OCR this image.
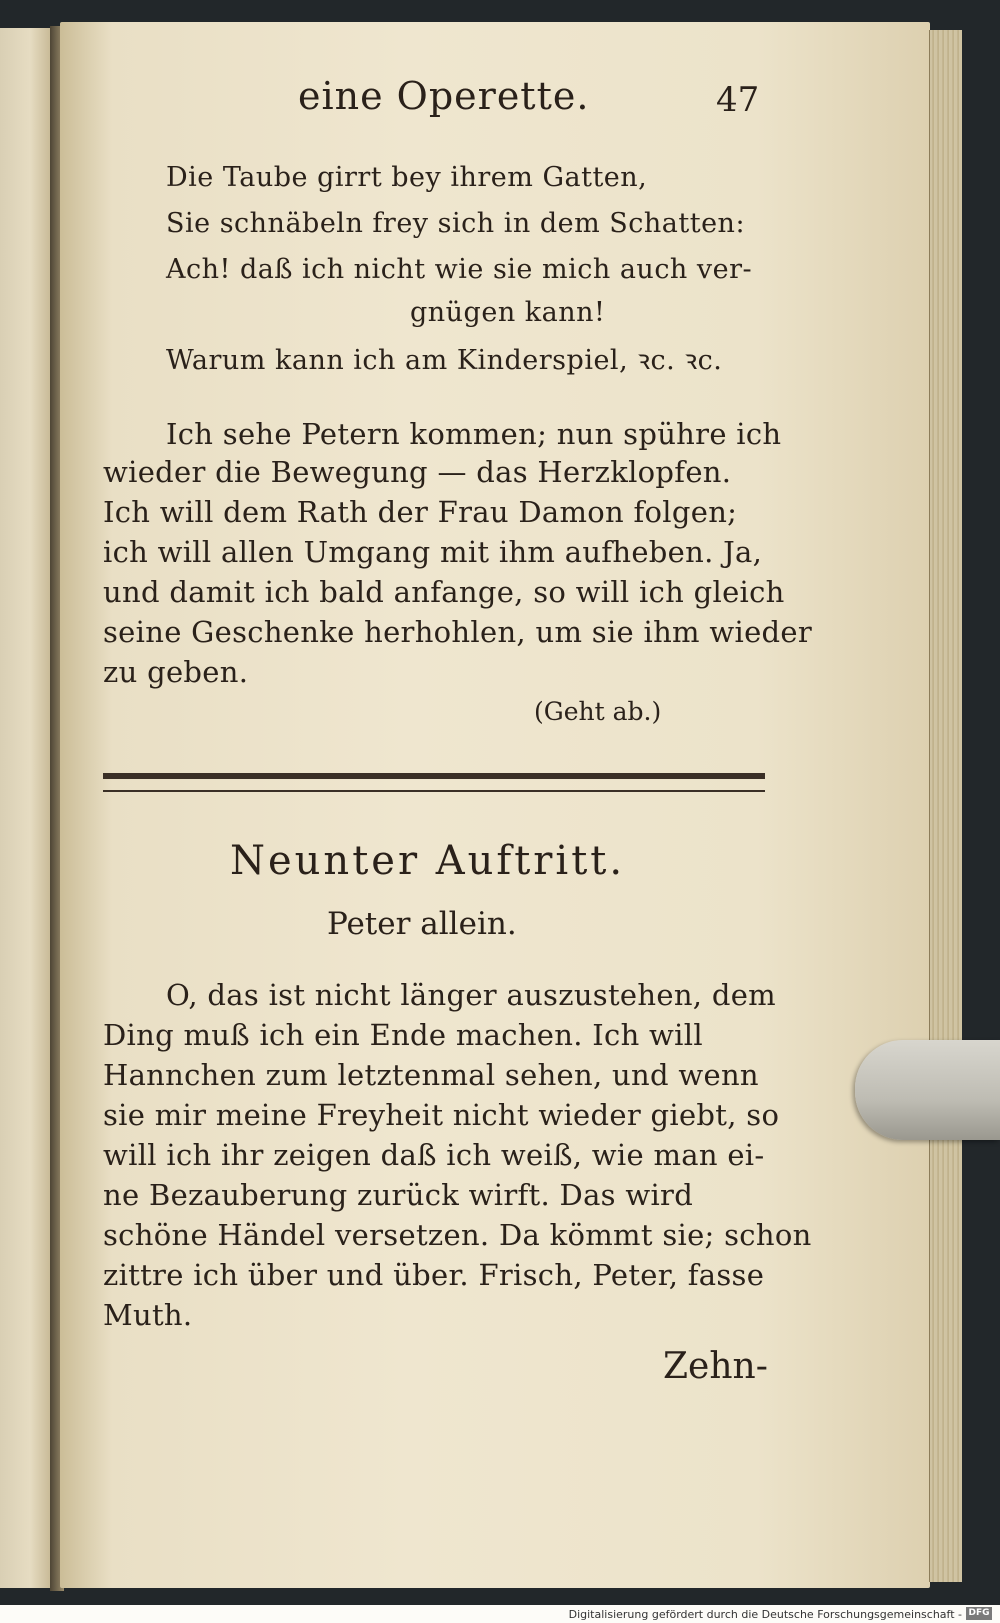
eine Operette.	47
Die Taube girrt bey ihrem Gatten,
Sie schnäbeln frey sich in dem Schatten:
Ach! daß ich nicht wie sie mich auch ver-
gnügen kann!
Warum kann ich am Kinderspiel, ꝛc. ꝛc.
Ich sehe Petern kommen; nun spühre ich
wieder die Bewegung — das Herzklopfen.
Ich will dem Rath der Frau Damon folgen;
ich will allen Umgang mit ihm aufheben. Ja,
und damit ich bald anfange, so will ich gleich
seine Geschenke herhohlen, um sie ihm wieder
zu geben.
(Geht ab.)
Neunter Auftritt.
Peter allein.
O, das ist nicht länger auszustehen, dem
Ding muß ich ein Ende machen. Ich will
Hannchen zum letztenmal sehen, und wenn
sie mir meine Freyheit nicht wieder giebt, so
will ich ihr zeigen daß ich weiß, wie man ei-
ne Bezauberung zurück wirft. Das wird
schöne Händel versetzen. Da kömmt sie; schon
zittre ich über und über. Frisch, Peter, fasse
Muth.
Zehn-
Digitalisierung gefördert durch die Deutsche Forschungsgemeinschaft - DFG
